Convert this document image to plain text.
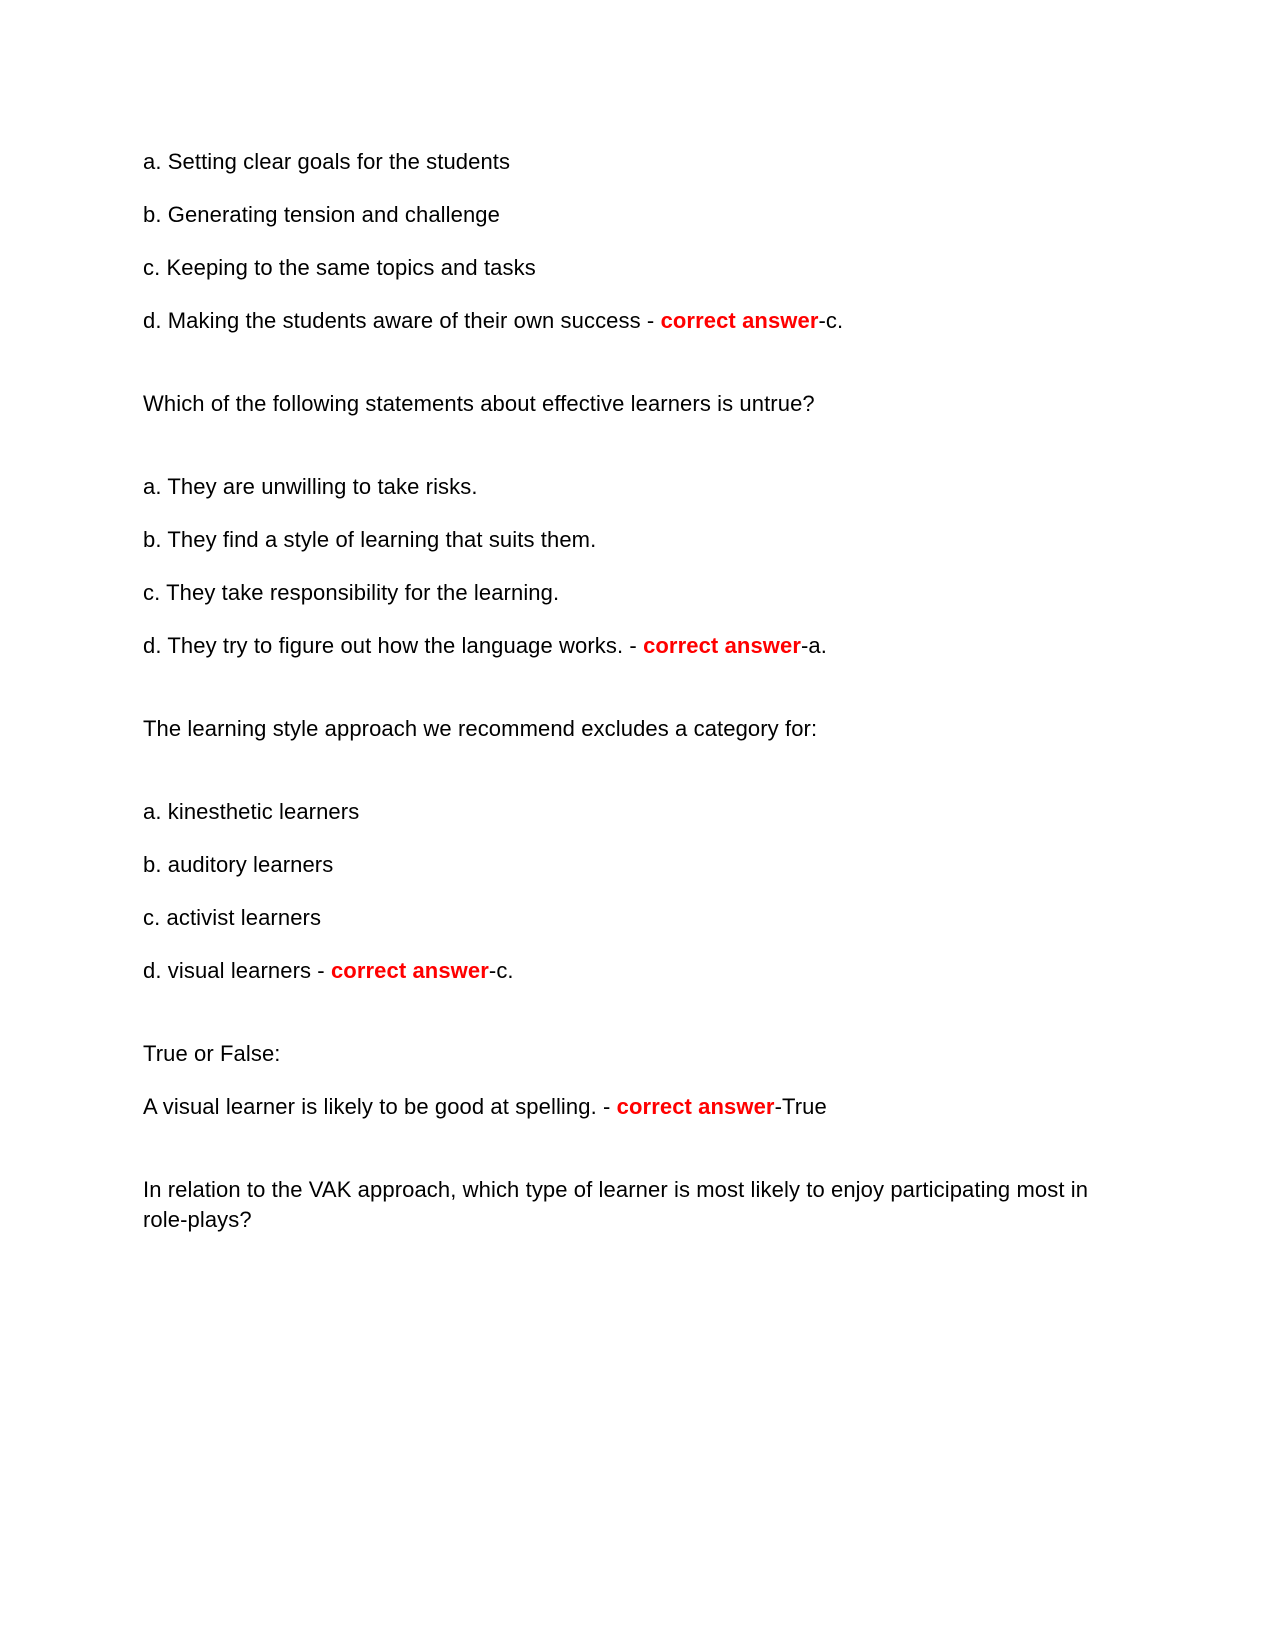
a. Setting clear goals for the students

b. Generating tension and challenge

c. Keeping to the same topics and tasks

d. Making the students aware of their own success - correct answer-c.

Which of the following statements about effective learners is untrue?

a. They are unwilling to take risks.

b. They find a style of learning that suits them.

c. They take responsibility for the learning.

d. They try to figure out how the language works. - correct answer-a.

The learning style approach we recommend excludes a category for:

a. kinesthetic learners

b. auditory learners

c. activist learners

d. visual learners - correct answer-c.

True or False:

A visual learner is likely to be good at spelling. - correct answer-True

In relation to the VAK approach, which type of learner is most likely to enjoy participating most in role-plays?
